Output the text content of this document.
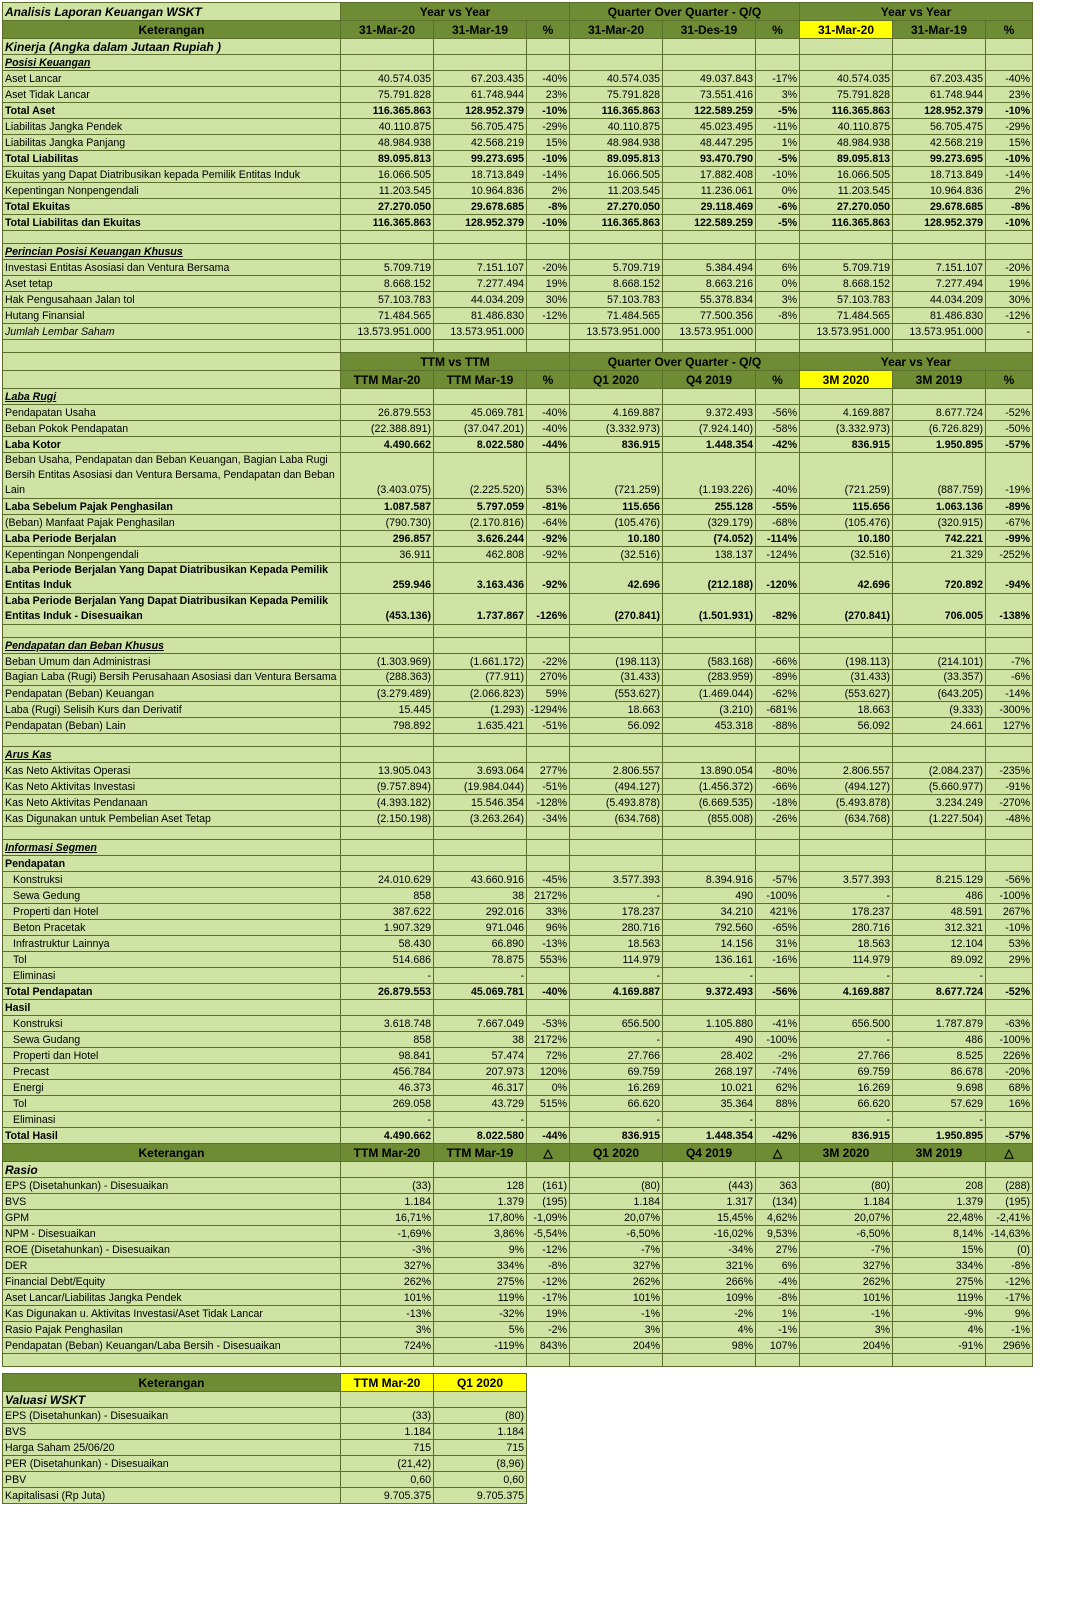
Analisis Laporan Keuangan WSKT	Year vs Year			Quarter Over Quarter - Q/Q			Year vs Year		
Keterangan	31-Mar-20	31-Mar-19	%	31-Mar-20	31-Des-19	%	31-Mar-20	31-Mar-19	%
Kinerja (Angka dalam Jutaan Rupiah )									
Posisi Keuangan									
Aset Lancar	40.574.035	67.203.435	-40%	40.574.035	49.037.843	-17%	40.574.035	67.203.435	-40%
Aset Tidak Lancar	75.791.828	61.748.944	23%	75.791.828	73.551.416	3%	75.791.828	61.748.944	23%
Total Aset	116.365.863	128.952.379	-10%	116.365.863	122.589.259	-5%	116.365.863	128.952.379	-10%
Liabilitas Jangka Pendek	40.110.875	56.705.475	-29%	40.110.875	45.023.495	-11%	40.110.875	56.705.475	-29%
Liabilitas Jangka Panjang	48.984.938	42.568.219	15%	48.984.938	48.447.295	1%	48.984.938	42.568.219	15%
Total Liabilitas	89.095.813	99.273.695	-10%	89.095.813	93.470.790	-5%	89.095.813	99.273.695	-10%
Ekuitas yang Dapat Diatribusikan kepada Pemilik Entitas Induk	16.066.505	18.713.849	-14%	16.066.505	17.882.408	-10%	16.066.505	18.713.849	-14%
Kepentingan Nonpengendali	11.203.545	10.964.836	2%	11.203.545	11.236.061	0%	11.203.545	10.964.836	2%
Total Ekuitas	27.270.050	29.678.685	-8%	27.270.050	29.118.469	-6%	27.270.050	29.678.685	-8%
Total Liabilitas dan Ekuitas	116.365.863	128.952.379	-10%	116.365.863	122.589.259	-5%	116.365.863	128.952.379	-10%

Perincian Posisi Keuangan Khusus									
Investasi Entitas Asosiasi dan Ventura Bersama	5.709.719	7.151.107	-20%	5.709.719	5.384.494	6%	5.709.719	7.151.107	-20%
Aset tetap	8.668.152	7.277.494	19%	8.668.152	8.663.216	0%	8.668.152	7.277.494	19%
Hak Pengusahaan Jalan tol	57.103.783	44.034.209	30%	57.103.783	55.378.834	3%	57.103.783	44.034.209	30%
Hutang Finansial	71.484.565	81.486.830	-12%	71.484.565	77.500.356	-8%	71.484.565	81.486.830	-12%
Jumlah Lembar Saham	13.573.951.000	13.573.951.000		13.573.951.000	13.573.951.000		13.573.951.000	13.573.951.000	-

	TTM vs TTM			Quarter Over Quarter - Q/Q			Year vs Year		
	TTM Mar-20	TTM Mar-19	%	Q1 2020	Q4 2019	%	3M 2020	3M 2019	%
Laba Rugi									
Pendapatan Usaha	26.879.553	45.069.781	-40%	4.169.887	9.372.493	-56%	4.169.887	8.677.724	-52%
Beban Pokok Pendapatan	(22.388.891)	(37.047.201)	-40%	(3.332.973)	(7.924.140)	-58%	(3.332.973)	(6.726.829)	-50%
Laba Kotor	4.490.662	8.022.580	-44%	836.915	1.448.354	-42%	836.915	1.950.895	-57%
Beban Usaha, Pendapatan dan Beban Keuangan, Bagian Laba Rugi Bersih Entitas Asosiasi dan Ventura Bersama, Pendapatan dan Beban Lain	(3.403.075)	(2.225.520)	53%	(721.259)	(1.193.226)	-40%	(721.259)	(887.759)	-19%
Laba Sebelum Pajak Penghasilan	1.087.587	5.797.059	-81%	115.656	255.128	-55%	115.656	1.063.136	-89%
(Beban) Manfaat Pajak Penghasilan	(790.730)	(2.170.816)	-64%	(105.476)	(329.179)	-68%	(105.476)	(320.915)	-67%
Laba Periode Berjalan	296.857	3.626.244	-92%	10.180	(74.052)	-114%	10.180	742.221	-99%
Kepentingan Nonpengendali	36.911	462.808	-92%	(32.516)	138.137	-124%	(32.516)	21.329	-252%
Laba Periode Berjalan Yang Dapat Diatribusikan Kepada Pemilik Entitas Induk	259.946	3.163.436	-92%	42.696	(212.188)	-120%	42.696	720.892	-94%
Laba Periode Berjalan Yang Dapat Diatribusikan Kepada Pemilik Entitas Induk - Disesuaikan	(453.136)	1.737.867	-126%	(270.841)	(1.501.931)	-82%	(270.841)	706.005	-138%

Pendapatan dan Beban Khusus									
Beban Umum dan Administrasi	(1.303.969)	(1.661.172)	-22%	(198.113)	(583.168)	-66%	(198.113)	(214.101)	-7%
Bagian Laba (Rugi) Bersih Perusahaan Asosiasi dan Ventura Bersama	(288.363)	(77.911)	270%	(31.433)	(283.959)	-89%	(31.433)	(33.357)	-6%
Pendapatan (Beban) Keuangan	(3.279.489)	(2.066.823)	59%	(553.627)	(1.469.044)	-62%	(553.627)	(643.205)	-14%
Laba (Rugi) Selisih Kurs dan Derivatif	15.445	(1.293)	-1294%	18.663	(3.210)	-681%	18.663	(9.333)	-300%
Pendapatan (Beban) Lain	798.892	1.635.421	-51%	56.092	453.318	-88%	56.092	24.661	127%

Arus Kas									
Kas Neto Aktivitas Operasi	13.905.043	3.693.064	277%	2.806.557	13.890.054	-80%	2.806.557	(2.084.237)	-235%
Kas Neto Aktivitas Investasi	(9.757.894)	(19.984.044)	-51%	(494.127)	(1.456.372)	-66%	(494.127)	(5.660.977)	-91%
Kas Neto Aktivitas Pendanaan	(4.393.182)	15.546.354	-128%	(5.493.878)	(6.669.535)	-18%	(5.493.878)	3.234.249	-270%
Kas Digunakan untuk Pembelian Aset Tetap	(2.150.198)	(3.263.264)	-34%	(634.768)	(855.008)	-26%	(634.768)	(1.227.504)	-48%

Informasi Segmen									
Pendapatan									
Konstruksi	24.010.629	43.660.916	-45%	3.577.393	8.394.916	-57%	3.577.393	8.215.129	-56%
Sewa Gedung	858	38	2172%	-	490	-100%	-	486	-100%
Properti dan Hotel	387.622	292.016	33%	178.237	34.210	421%	178.237	48.591	267%
Beton Pracetak	1.907.329	971.046	96%	280.716	792.560	-65%	280.716	312.321	-10%
Infrastruktur Lainnya	58.430	66.890	-13%	18.563	14.156	31%	18.563	12.104	53%
Tol	514.686	78.875	553%	114.979	136.161	-16%	114.979	89.092	29%
Eliminasi	-	-		-	-		-	-	
Total Pendapatan	26.879.553	45.069.781	-40%	4.169.887	9.372.493	-56%	4.169.887	8.677.724	-52%
Hasil									
Konstruksi	3.618.748	7.667.049	-53%	656.500	1.105.880	-41%	656.500	1.787.879	-63%
Sewa Gudang	858	38	2172%	-	490	-100%	-	486	-100%
Properti dan Hotel	98.841	57.474	72%	27.766	28.402	-2%	27.766	8.525	226%
Precast	456.784	207.973	120%	69.759	268.197	-74%	69.759	86.678	-20%
Energi	46.373	46.317	0%	16.269	10.021	62%	16.269	9.698	68%
Tol	269.058	43.729	515%	66.620	35.364	88%	66.620	57.629	16%
Eliminasi	-	-		-	-		-	-	
Total Hasil	4.490.662	8.022.580	-44%	836.915	1.448.354	-42%	836.915	1.950.895	-57%
Keterangan	TTM Mar-20	TTM Mar-19	△	Q1 2020	Q4 2019	△	3M 2020	3M 2019	△
Rasio									
EPS (Disetahunkan) - Disesuaikan	(33)	128	(161)	(80)	(443)	363	(80)	208	(288)
BVS	1.184	1.379	(195)	1.184	1.317	(134)	1.184	1.379	(195)
GPM	16,71%	17,80%	-1,09%	20,07%	15,45%	4,62%	20,07%	22,48%	-2,41%
NPM - Disesuaikan	-1,69%	3,86%	-5,54%	-6,50%	-16,02%	9,53%	-6,50%	8,14%	-14,63%
ROE (Disetahunkan) - Disesuaikan	-3%	9%	-12%	-7%	-34%	27%	-7%	15%	(0)
DER	327%	334%	-8%	327%	321%	6%	327%	334%	-8%
Financial Debt/Equity	262%	275%	-12%	262%	266%	-4%	262%	275%	-12%
Aset Lancar/Liabilitas Jangka Pendek	101%	119%	-17%	101%	109%	-8%	101%	119%	-17%
Kas Digunakan u. Aktivitas Investasi/Aset Tidak Lancar	-13%	-32%	19%	-1%	-2%	1%	-1%	-9%	9%
Rasio Pajak Penghasilan	3%	5%	-2%	3%	4%	-1%	3%	4%	-1%
Pendapatan (Beban) Keuangan/Laba Bersih - Disesuaikan	724%	-119%	843%	204%	98%	107%	204%	-91%	296%

Keterangan	TTM Mar-20	Q1 2020
Valuasi WSKT		
EPS (Disetahunkan) - Disesuaikan	(33)	(80)
BVS	1.184	1.184
Harga Saham 25/06/20	715	715
PER (Disetahunkan) - Disesuaikan	(21,42)	(8,96)
PBV	0,60	0,60
Kapitalisasi (Rp Juta)	9.705.375	9.705.375
